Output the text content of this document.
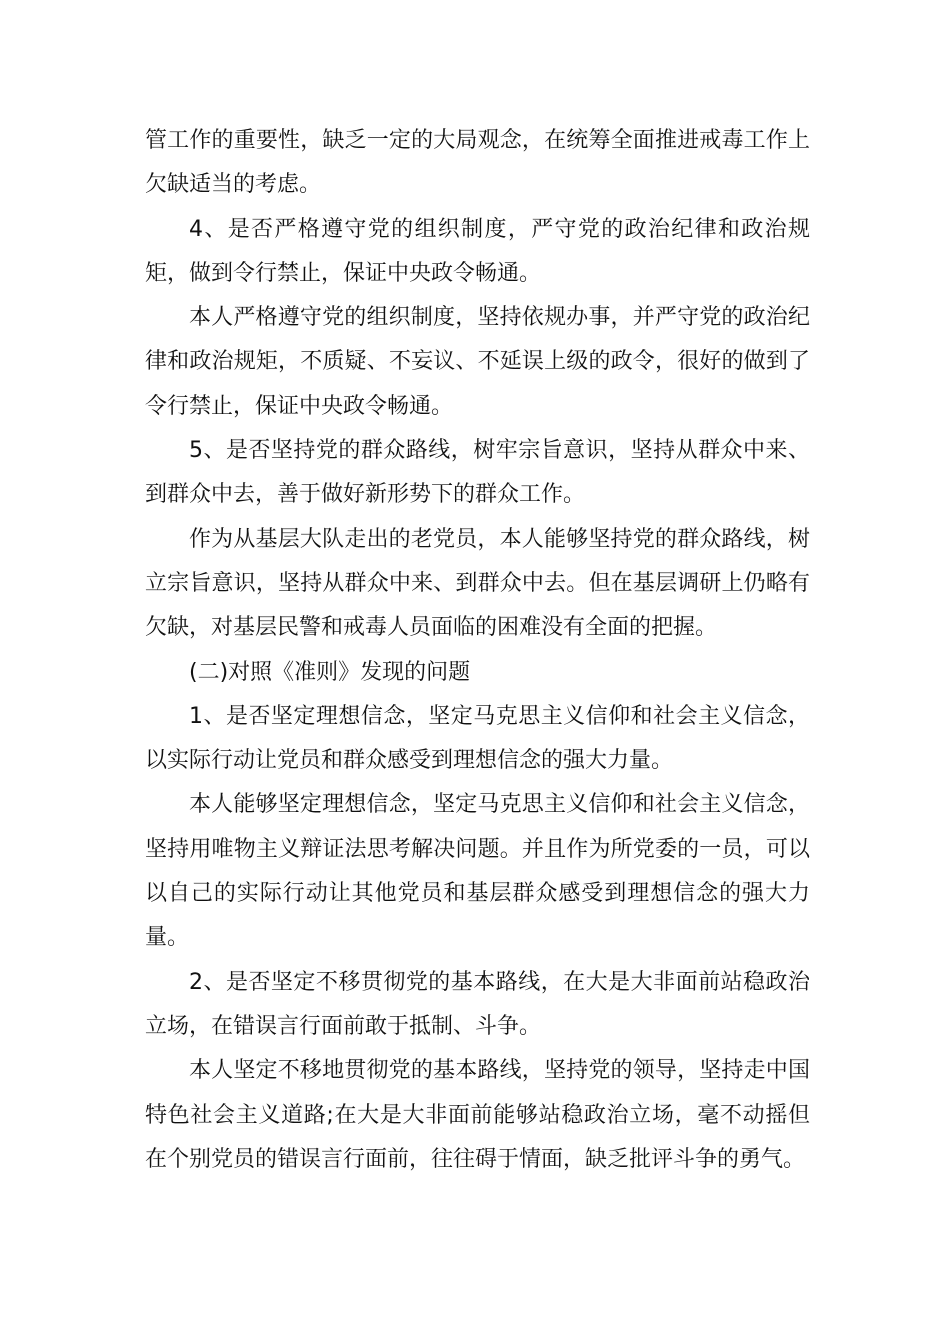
管工作的重要性，缺乏一定的大局观念，在统筹全面推进戒毒工作上欠缺适当的考虑。

4、是否严格遵守党的组织制度，严守党的政治纪律和政治规矩，做到令行禁止，保证中央政令畅通。

本人严格遵守党的组织制度，坚持依规办事，并严守党的政治纪律和政治规矩，不质疑、不妄议、不延误上级的政令，很好的做到了令行禁止，保证中央政令畅通。

5、是否坚持党的群众路线，树牢宗旨意识，坚持从群众中来、到群众中去，善于做好新形势下的群众工作。

作为从基层大队走出的老党员，本人能够坚持党的群众路线，树立宗旨意识，坚持从群众中来、到群众中去。但在基层调研上仍略有欠缺，对基层民警和戒毒人员面临的困难没有全面的把握。

(二)对照《准则》发现的问题

1、是否坚定理想信念，坚定马克思主义信仰和社会主义信念，以实际行动让党员和群众感受到理想信念的强大力量。

本人能够坚定理想信念，坚定马克思主义信仰和社会主义信念，坚持用唯物主义辩证法思考解决问题。并且作为所党委的一员，可以以自己的实际行动让其他党员和基层群众感受到理想信念的强大力量。

2、是否坚定不移贯彻党的基本路线，在大是大非面前站稳政治立场，在错误言行面前敢于抵制、斗争。

本人坚定不移地贯彻党的基本路线，坚持党的领导，坚持走中国特色社会主义道路;在大是大非面前能够站稳政治立场，毫不动摇但在个别党员的错误言行面前，往往碍于情面，缺乏批评斗争的勇气。
